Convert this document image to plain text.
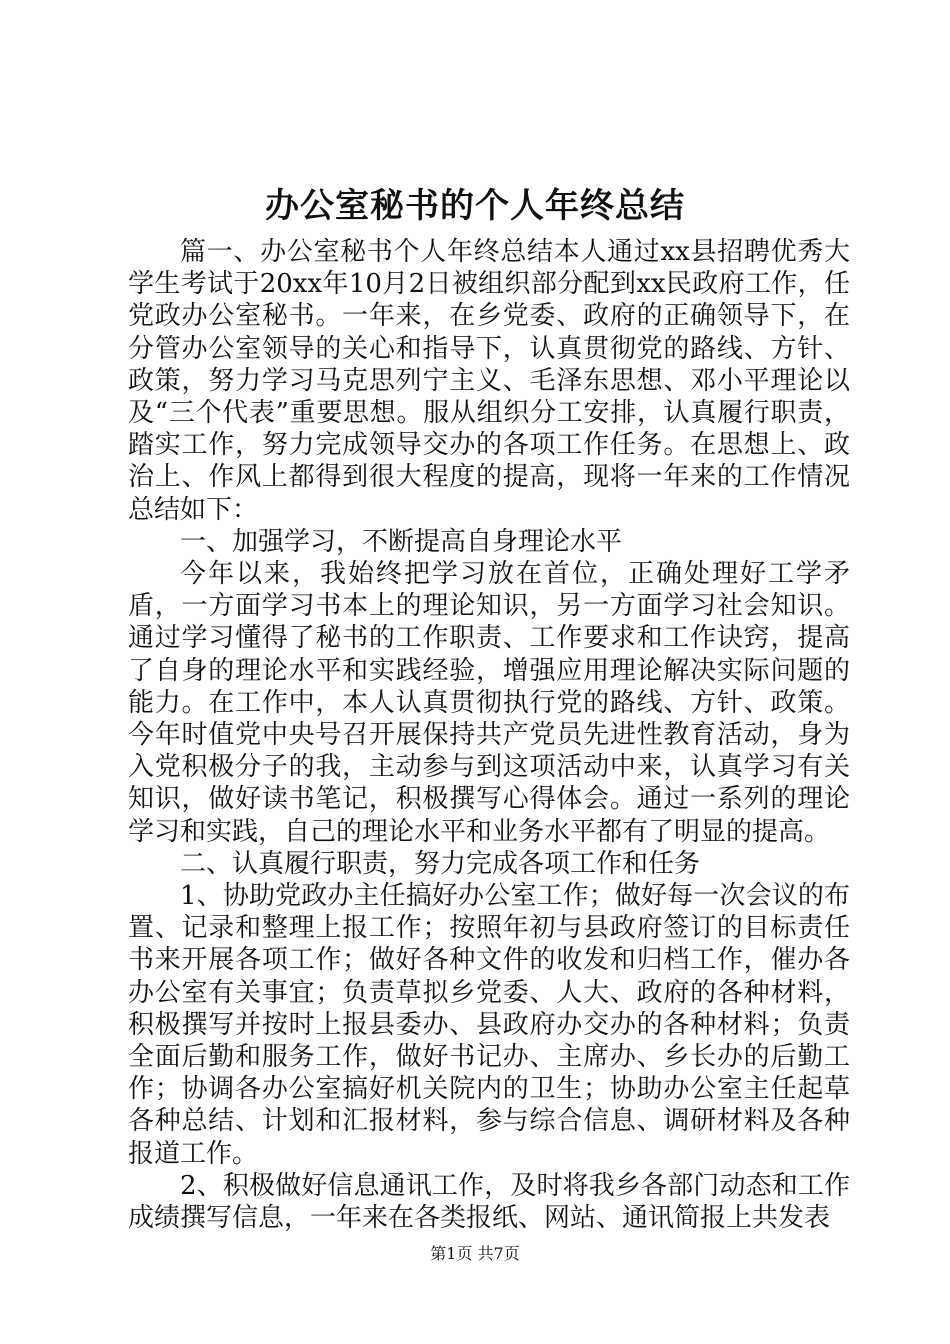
办公室秘书的个人年终总结

篇一、办公室秘书个人年终总结本人通过xx县招聘优秀大学生考试于20xx年10月2日被组织部分配到xx民政府工作，任党政办公室秘书。一年来，在乡党委、政府的正确领导下，在分管办公室领导的关心和指导下，认真贯彻党的路线、方针、政策，努力学习马克思列宁主义、毛泽东思想、邓小平理论以及“三个代表”重要思想。服从组织分工安排，认真履行职责，踏实工作，努力完成领导交办的各项工作任务。在思想上、政治上、作风上都得到很大程度的提高，现将一年来的工作情况总结如下：

一、加强学习，不断提高自身理论水平

今年以来，我始终把学习放在首位，正确处理好工学矛盾，一方面学习书本上的理论知识，另一方面学习社会知识。通过学习懂得了秘书的工作职责、工作要求和工作诀窍，提高了自身的理论水平和实践经验，增强应用理论解决实际问题的能力。在工作中，本人认真贯彻执行党的路线、方针、政策。今年时值党中央号召开展保持共产党员先进性教育活动，身为入党积极分子的我，主动参与到这项活动中来，认真学习有关知识，做好读书笔记，积极撰写心得体会。通过一系列的理论学习和实践，自己的理论水平和业务水平都有了明显的提高。

二、认真履行职责，努力完成各项工作和任务

1、协助党政办主任搞好办公室工作；做好每一次会议的布置、记录和整理上报工作；按照年初与县政府签订的目标责任书来开展各项工作；做好各种文件的收发和归档工作，催办各办公室有关事宜；负责草拟乡党委、人大、政府的各种材料，积极撰写并按时上报县委办、县政府办交办的各种材料；负责全面后勤和服务工作，做好书记办、主席办、乡长办的后勤工作；协调各办公室搞好机关院内的卫生；协助办公室主任起草各种总结、计划和汇报材料，参与综合信息、调研材料及各种报道工作。

2、积极做好信息通讯工作，及时将我乡各部门动态和工作成绩撰写信息，一年来在各类报纸、网站、通讯简报上共发表

第1页 共7页
